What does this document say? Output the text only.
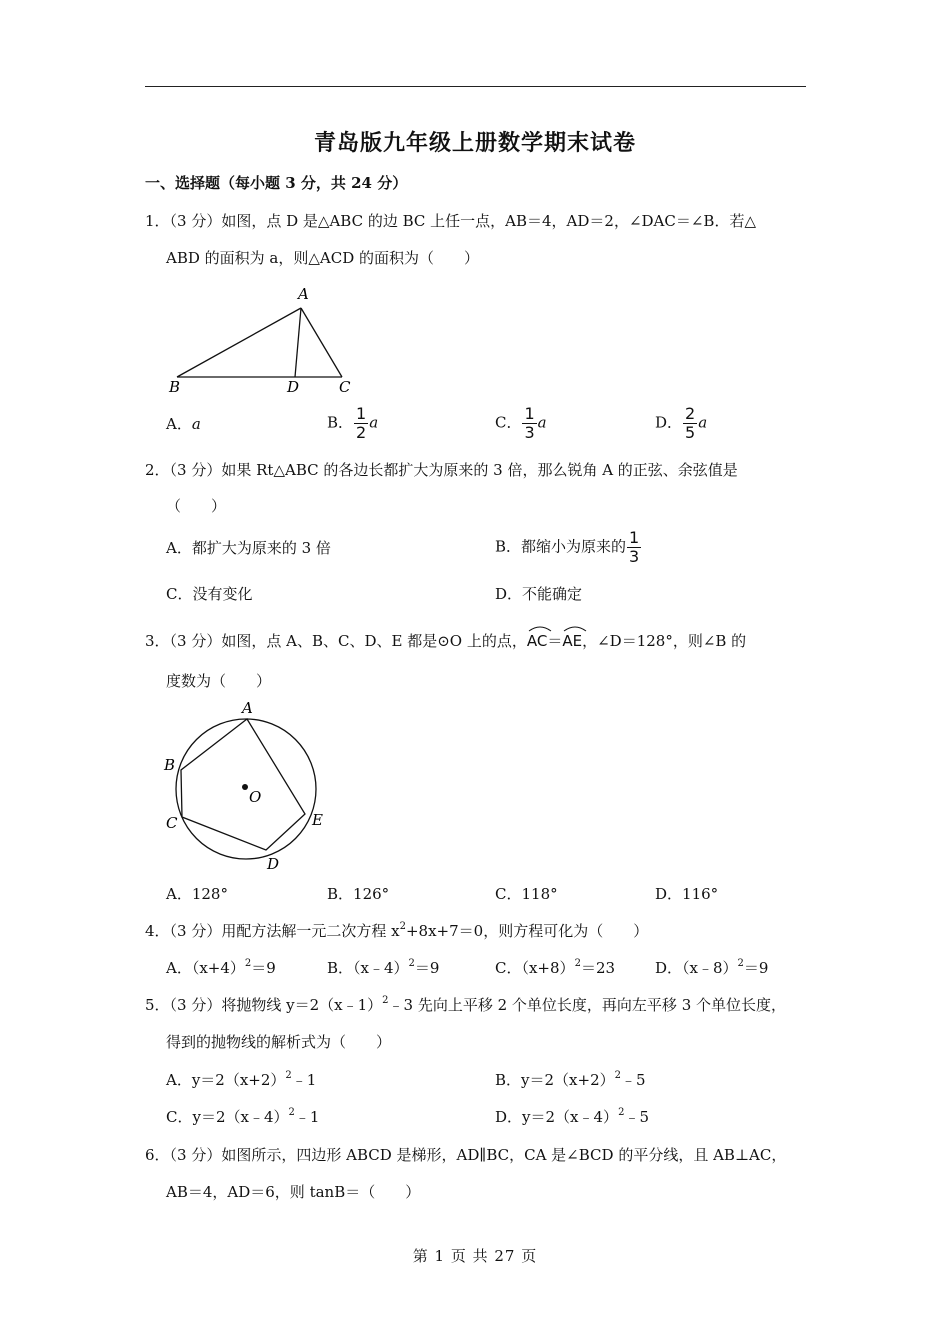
青岛版九年级上册数学期末试卷
一、选择题（每小题 3 分，共 24 分）
1．（3 分）如图，点 D 是△ABC 的边 BC 上任一点，AB＝4，AD＝2，∠DAC＝∠B．若△
ABD 的面积为 a，则△ACD 的面积为（　　）
A
B	D	C
A．a	B． $\frac{1}{2}$ a	C． $\frac{1}{3}$ a	D． $\frac{2}{5}$ a
2．（3 分）如果 Rt△ABC 的各边长都扩大为原来的 3 倍，那么锐角 A 的正弦、余弦值是
（　　）
A．都扩大为原来的 3 倍	B．都缩小为原来的 $\frac{1}{3}$
C．没有变化	D．不能确定
3．（3 分）如图，点 A、B、C、D、E 都是⊙O 上的点，
AC＝
AE，∠D＝128°，则∠B 的
度数为（　　）
A
B
C
D
E
O
A．128°	B．126°	C．118°	D．116°
4．（3 分）用配方法解一元二次方程 $x^2+8x+7=0$，则方程可化为（　　）
A．$(x+4)^2=9$	B．（x﹣4）$^2$＝9	C．$(x+8)^2=23$	D．（x﹣8）$^2$＝9
5．（3 分）将抛物线 y＝2（x﹣1）$^2$﹣3 先向上平移 2 个单位长度，再向左平移 3 个单位长度，
得到的抛物线的解析式为（　　）
A．$y=2(x+2)^2﹣1$	B．$y=2(x+2)^2﹣5$
C．y＝2（x﹣4）$^2$﹣1	D．y＝2（x﹣4）$^2$﹣5
6．（3 分）如图所示，四边形 ABCD 是梯形，AD∥BC，CA 是∠BCD 的平分线，且 AB⊥AC，
AB＝4，AD＝6，则 tanB＝（　　）
第 1 页 共 27 页
